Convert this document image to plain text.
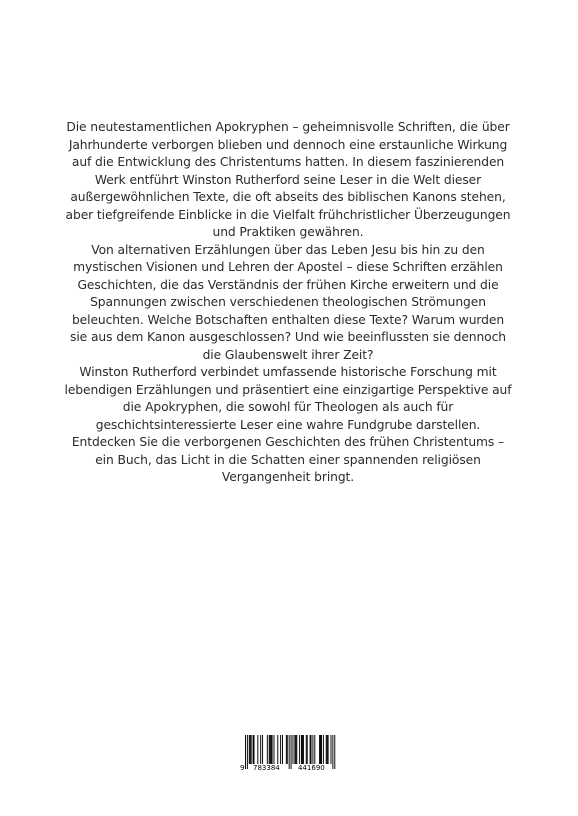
Die neutestamentlichen Apokryphen – geheimnisvolle Schriften, die über Jahrhunderte verborgen blieben und dennoch eine erstaunliche Wirkung auf die Entwicklung des Christentums hatten. In diesem faszinierenden Werk entführt Winston Rutherford seine Leser in die Welt dieser außergewöhnlichen Texte, die oft abseits des biblischen Kanons stehen, aber tiefgreifende Einblicke in die Vielfalt frühchristlicher Überzeugungen und Praktiken gewähren.

Von alternativen Erzählungen über das Leben Jesu bis hin zu den mystischen Visionen und Lehren der Apostel – diese Schriften erzählen Geschichten, die das Verständnis der frühen Kirche erweitern und die Spannungen zwischen verschiedenen theologischen Strömungen beleuchten. Welche Botschaften enthalten diese Texte? Warum wurden sie aus dem Kanon ausgeschlossen? Und wie beeinflussten sie dennoch die Glaubenswelt ihrer Zeit?

Winston Rutherford verbindet umfassende historische Forschung mit lebendigen Erzählungen und präsentiert eine einzigartige Perspektive auf die Apokryphen, die sowohl für Theologen als auch für geschichtsinteressierte Leser eine wahre Fundgrube darstellen.

Entdecken Sie die verborgenen Geschichten des frühen Christentums – ein Buch, das Licht in die Schatten einer spannenden religiösen Vergangenheit bringt.

9 783384	441690
